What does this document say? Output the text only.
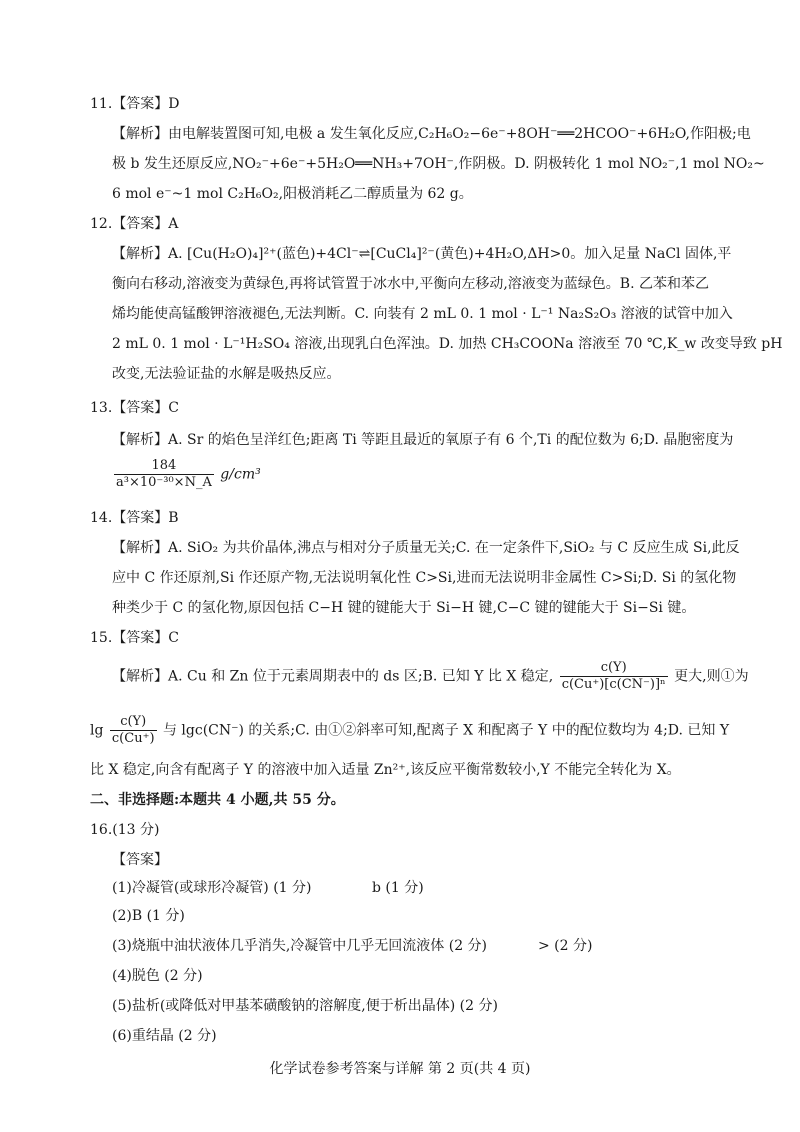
11.【答案】D
【解析】由电解装置图可知,电极 a 发生氧化反应,C₂H₆O₂−6e⁻+8OH⁻══2HCOO⁻+6H₂O,作阳极;电
极 b 发生还原反应,NO₂⁻+6e⁻+5H₂O══NH₃+7OH⁻,作阴极。D. 阴极转化 1 mol NO₂⁻,1 mol NO₂~
6 mol e⁻~1 mol C₂H₆O₂,阳极消耗乙二醇质量为 62 g。
12.【答案】A
【解析】A. [Cu(H₂O)₄]²⁺(蓝色)+4Cl⁻⇌[CuCl₄]²⁻(黄色)+4H₂O,ΔH>0。加入足量 NaCl 固体,平
衡向右移动,溶液变为黄绿色,再将试管置于冰水中,平衡向左移动,溶液变为蓝绿色。B. 乙苯和苯乙
烯均能使高锰酸钾溶液褪色,无法判断。C. 向装有 2 mL 0. 1 mol · L⁻¹ Na₂S₂O₃ 溶液的试管中加入
2 mL 0. 1 mol · L⁻¹H₂SO₄ 溶液,出现乳白色浑浊。D. 加热 CH₃COONa 溶液至 70 ℃,K_w 改变导致 pH
改变,无法验证盐的水解是吸热反应。
13.【答案】C
【解析】A. Sr 的焰色呈洋红色;距离 Ti 等距且最近的氧原子有 6 个,Ti 的配位数为 6;D. 晶胞密度为
$\frac{184}{\text{a³×10⁻³⁰×N\_A}} g/cm^3$
14.【答案】B
【解析】A. SiO₂ 为共价晶体,沸点与相对分子质量无关;C. 在一定条件下,SiO₂ 与 C 反应生成 Si,此反
应中 C 作还原剂,Si 作还原产物,无法说明氧化性 C>Si,进而无法说明非金属性 C>Si;D. Si 的氢化物
种类少于 C 的氢化物,原因包括 C−H 键的键能大于 Si−H 键,C−C 键的键能大于 Si−Si 键。
15.【答案】C
【解析】A. Cu 和 Zn 位于元素周期表中的 ds 区;B. 已知 Y 比 X 稳定, $\frac{c(Y)}{\text{c(Cu⁺)[c(CN⁻)]ⁿ}}$ 更大,则①为
$\lg \frac{c(Y)}{c(Cu^+)}$ 与 lgc(CN⁻) 的关系;C. 由①②斜率可知,配离子 X 和配离子 Y 中的配位数均为 4;D. 已知 Y
比 X 稳定,向含有配离子 Y 的溶液中加入适量 Zn²⁺,该反应平衡常数较小,Y 不能完全转化为 X。
二、非选择题:本题共 4 小题,共 55 分。
16.(13 分)
【答案】
(1)冷凝管(或球形冷凝管) (1 分)	b (1 分)
(2)B (1 分)
(3)烧瓶中油状液体几乎消失,冷凝管中几乎无回流液体 (2 分)	> (2 分)
(4)脱色 (2 分)
(5)盐析(或降低对甲基苯磺酸钠的溶解度,便于析出晶体) (2 分)
(6)重结晶 (2 分)
化学试卷参考答案与详解 第 2 页(共 4 页)
